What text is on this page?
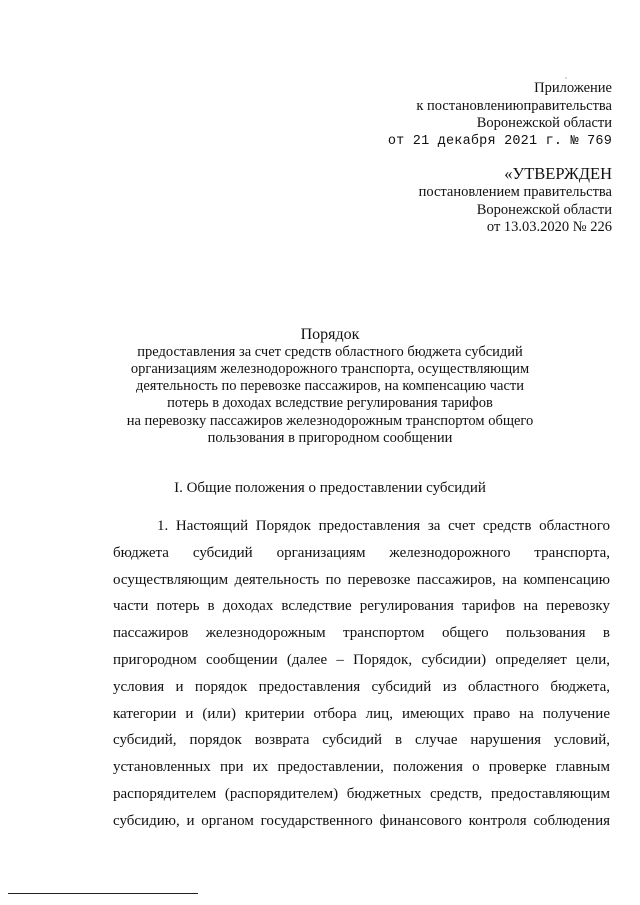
Приложение
к постановлениюправительства
Воронежской области
от 21 декабря 2021 г. № 769
«УТВЕРЖДЕН
постановлением правительства
Воронежской области
от 13.03.2020 № 226
Порядок
предоставления за счет средств областного бюджета субсидий
организациям железнодорожного транспорта, осуществляющим
деятельность по перевозке пассажиров, на компенсацию части
потерь в доходах вследствие регулирования тарифов
на перевозку пассажиров железнодорожным транспортом общего
пользования в пригородном сообщении
I. Общие положения о предоставлении субсидий
1. Настоящий Порядок предоставления за счет средств областного
бюджета субсидий организациям железнодорожного транспорта,
осуществляющим деятельность по перевозке пассажиров, на компенсацию
части потерь в доходах вследствие регулирования тарифов на перевозку
пассажиров железнодорожным транспортом общего пользования в
пригородном сообщении (далее – Порядок, субсидии) определяет цели,
условия и порядок предоставления субсидий из областного бюджета,
категории и (или) критерии отбора лиц, имеющих право на получение
субсидий, порядок возврата субсидий в случае нарушения условий,
установленных при их предоставлении, положения о проверке главным
распорядителем (распорядителем) бюджетных средств, предоставляющим
субсидию, и органом государственного финансового контроля соблюдения
